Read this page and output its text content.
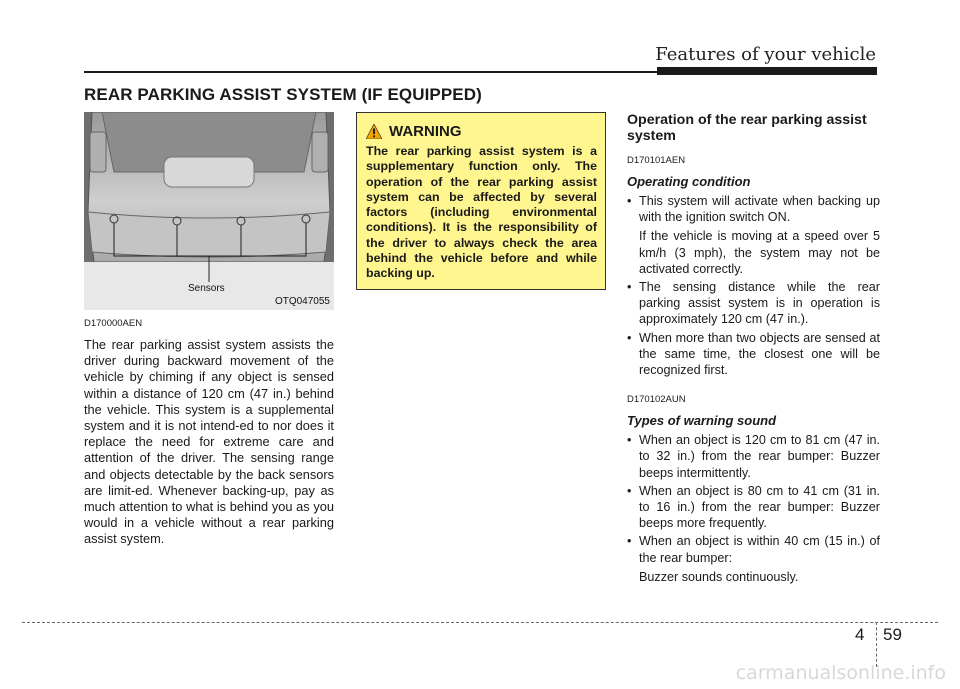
Features of your vehicle
REAR PARKING ASSIST SYSTEM (IF EQUIPPED)
Sensors
OTQ047055

D170000AEN

The rear parking assist system assists the driver during backward movement of the vehicle by chiming if any object is sensed within a distance of 120 cm (47 in.) behind the vehicle. This system is a supplemental system and it is not intend-ed to nor does it replace the need for extreme care and attention of the driver. The sensing range and objects detectable by the back sensors are limit-ed. Whenever backing-up, pay as much attention to what is behind you as you would in a vehicle without a rear parking assist system.

WARNING

The rear parking assist system is a supplementary function only. The operation of the rear parking assist system can be affected by several factors (including environmental conditions). It is the responsibility of the driver to always check the area behind the vehicle before and while backing up.

Operation of the rear parking assist system

D170101AEN

Operating condition

• This system will activate when backing up with the ignition switch ON.
If the vehicle is moving at a speed over 5 km/h (3 mph), the system may not be activated correctly.
• The sensing distance while the rear parking assist system is in operation is approximately 120 cm (47 in.).
• When more than two objects are sensed at the same time, the closest one will be recognized first.

D170102AUN

Types of warning sound

• When an object is 120 cm to 81 cm (47 in. to 32 in.) from the rear bumper: Buzzer beeps intermittently.
• When an object is 80 cm to 41 cm (31 in. to 16 in.) from the rear bumper: Buzzer beeps more frequently.
• When an object is within 40 cm (15 in.) of the rear bumper:
Buzzer sounds continuously.
4 59
carmanualsonline.info
